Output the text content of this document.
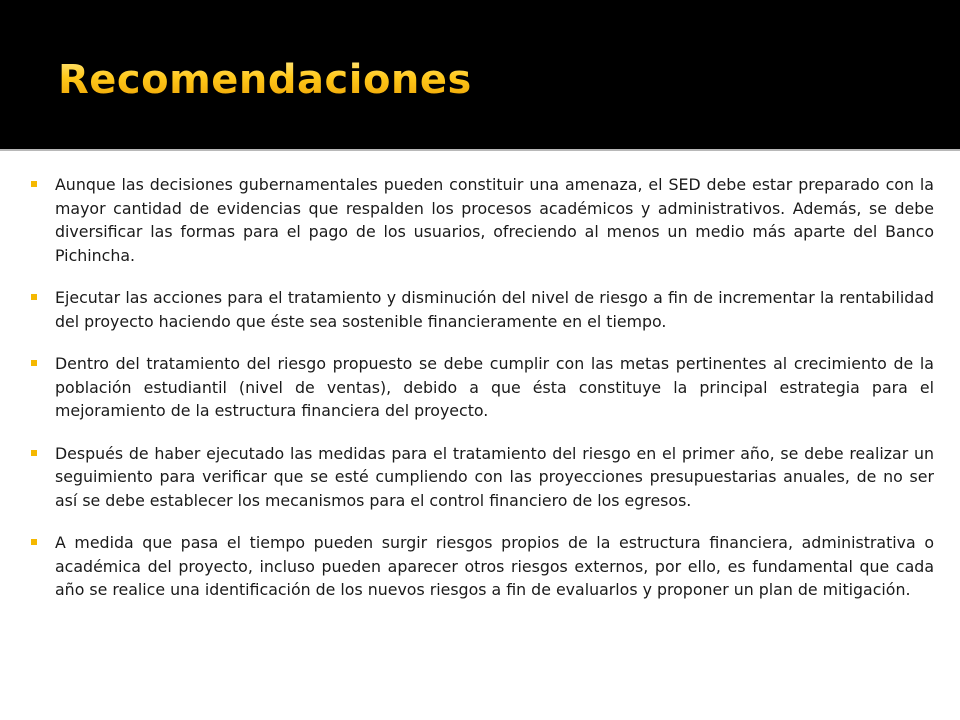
Recomendaciones
Aunque las decisiones gubernamentales pueden constituir una amenaza, el SED debe estar preparado con la mayor cantidad de evidencias que respalden los procesos académicos y administrativos. Además, se debe diversificar las formas para el pago de los usuarios, ofreciendo al menos un medio más aparte del Banco Pichincha.
Ejecutar las acciones para el tratamiento y disminución del nivel de riesgo a fin de incrementar la rentabilidad del proyecto haciendo que éste sea sostenible financieramente en el tiempo.
Dentro del tratamiento del riesgo propuesto se debe cumplir con las metas pertinentes al crecimiento de la población estudiantil (nivel de ventas), debido a que ésta constituye la principal estrategia para el mejoramiento de la estructura financiera del proyecto.
Después de haber ejecutado las medidas para el tratamiento del riesgo en el primer año, se debe realizar un seguimiento para verificar que se esté cumpliendo con las proyecciones presupuestarias anuales, de no ser así se debe establecer los mecanismos para el control financiero de los egresos.
A medida que pasa el tiempo pueden surgir riesgos propios de la estructura financiera, administrativa o académica del proyecto, incluso pueden aparecer otros riesgos externos, por ello, es fundamental que cada año se realice una identificación de los nuevos riesgos a fin de evaluarlos y proponer un plan de mitigación.
